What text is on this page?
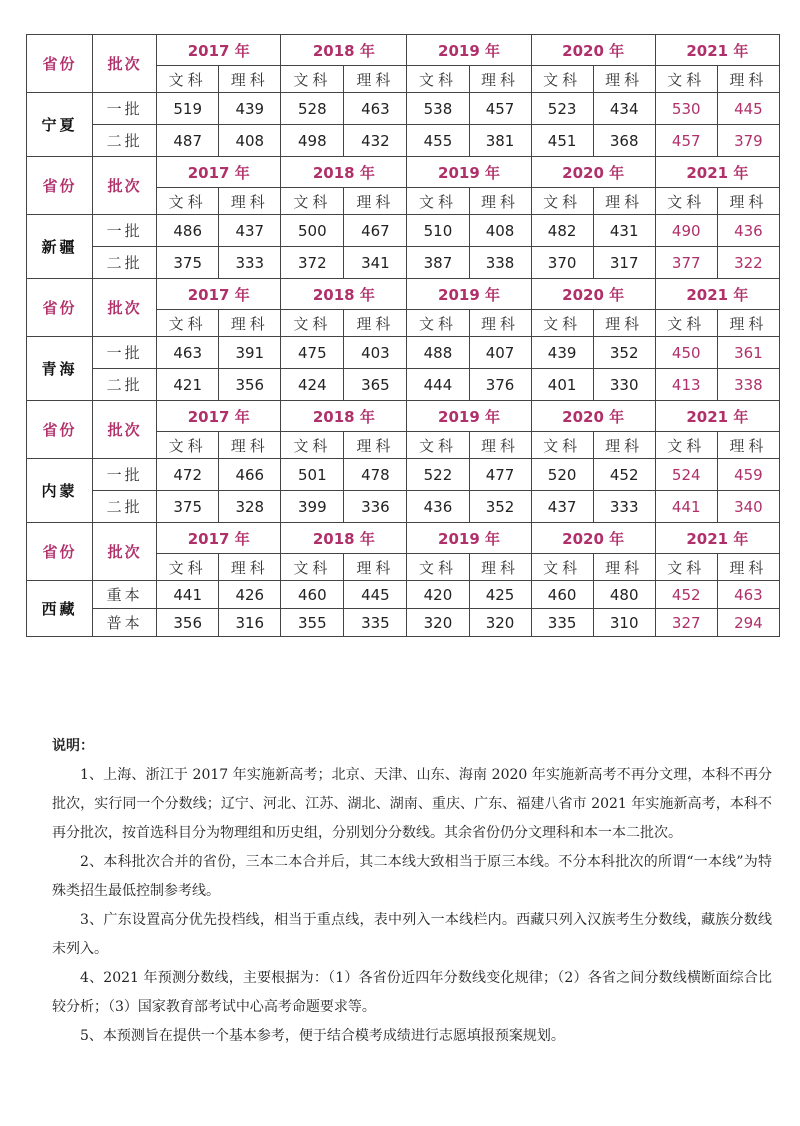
省份	批次	2017 年		2018 年		2019 年		2020 年		2021 年	
		文科	理科	文科	理科	文科	理科	文科	理科	文科	理科
宁夏	一批	519	439	528	463	538	457	523	434	530	445
	二批	487	408	498	432	455	381	451	368	457	379
省份	批次	2017 年		2018 年		2019 年		2020 年		2021 年	
		文科	理科	文科	理科	文科	理科	文科	理科	文科	理科
新疆	一批	486	437	500	467	510	408	482	431	490	436
	二批	375	333	372	341	387	338	370	317	377	322
省份	批次	2017 年		2018 年		2019 年		2020 年		2021 年	
		文科	理科	文科	理科	文科	理科	文科	理科	文科	理科
青海	一批	463	391	475	403	488	407	439	352	450	361
	二批	421	356	424	365	444	376	401	330	413	338
省份	批次	2017 年		2018 年		2019 年		2020 年		2021 年	
		文科	理科	文科	理科	文科	理科	文科	理科	文科	理科
内蒙	一批	472	466	501	478	522	477	520	452	524	459
	二批	375	328	399	336	436	352	437	333	441	340
省份	批次	2017 年		2018 年		2019 年		2020 年		2021 年	
		文科	理科	文科	理科	文科	理科	文科	理科	文科	理科
西藏	重本	441	426	460	445	420	425	460	480	452	463
	普本	356	316	355	335	320	320	335	310	327	294
说明：

1、上海、浙江于 2017 年实施新高考；北京、天津、山东、海南 2020 年实施新高考不再分文理，本科不再分批次，实行同一个分数线；辽宁、河北、江苏、湖北、湖南、重庆、广东、福建八省市 2021 年实施新高考，本科不再分批次，按首选科目分为物理组和历史组，分别划分分数线。其余省份仍分文理科和本一本二批次。

2、本科批次合并的省份，三本二本合并后，其二本线大致相当于原三本线。不分本科批次的所谓“一本线”为特殊类招生最低控制参考线。

3、广东设置高分优先投档线，相当于重点线，表中列入一本线栏内。西藏只列入汉族考生分数线，藏族分数线未列入。

4、2021 年预测分数线，主要根据为：（1）各省份近四年分数线变化规律；（2）各省之间分数线横断面综合比较分析；（3）国家教育部考试中心高考命题要求等。

5、本预测旨在提供一个基本参考，便于结合模考成绩进行志愿填报预案规划。
